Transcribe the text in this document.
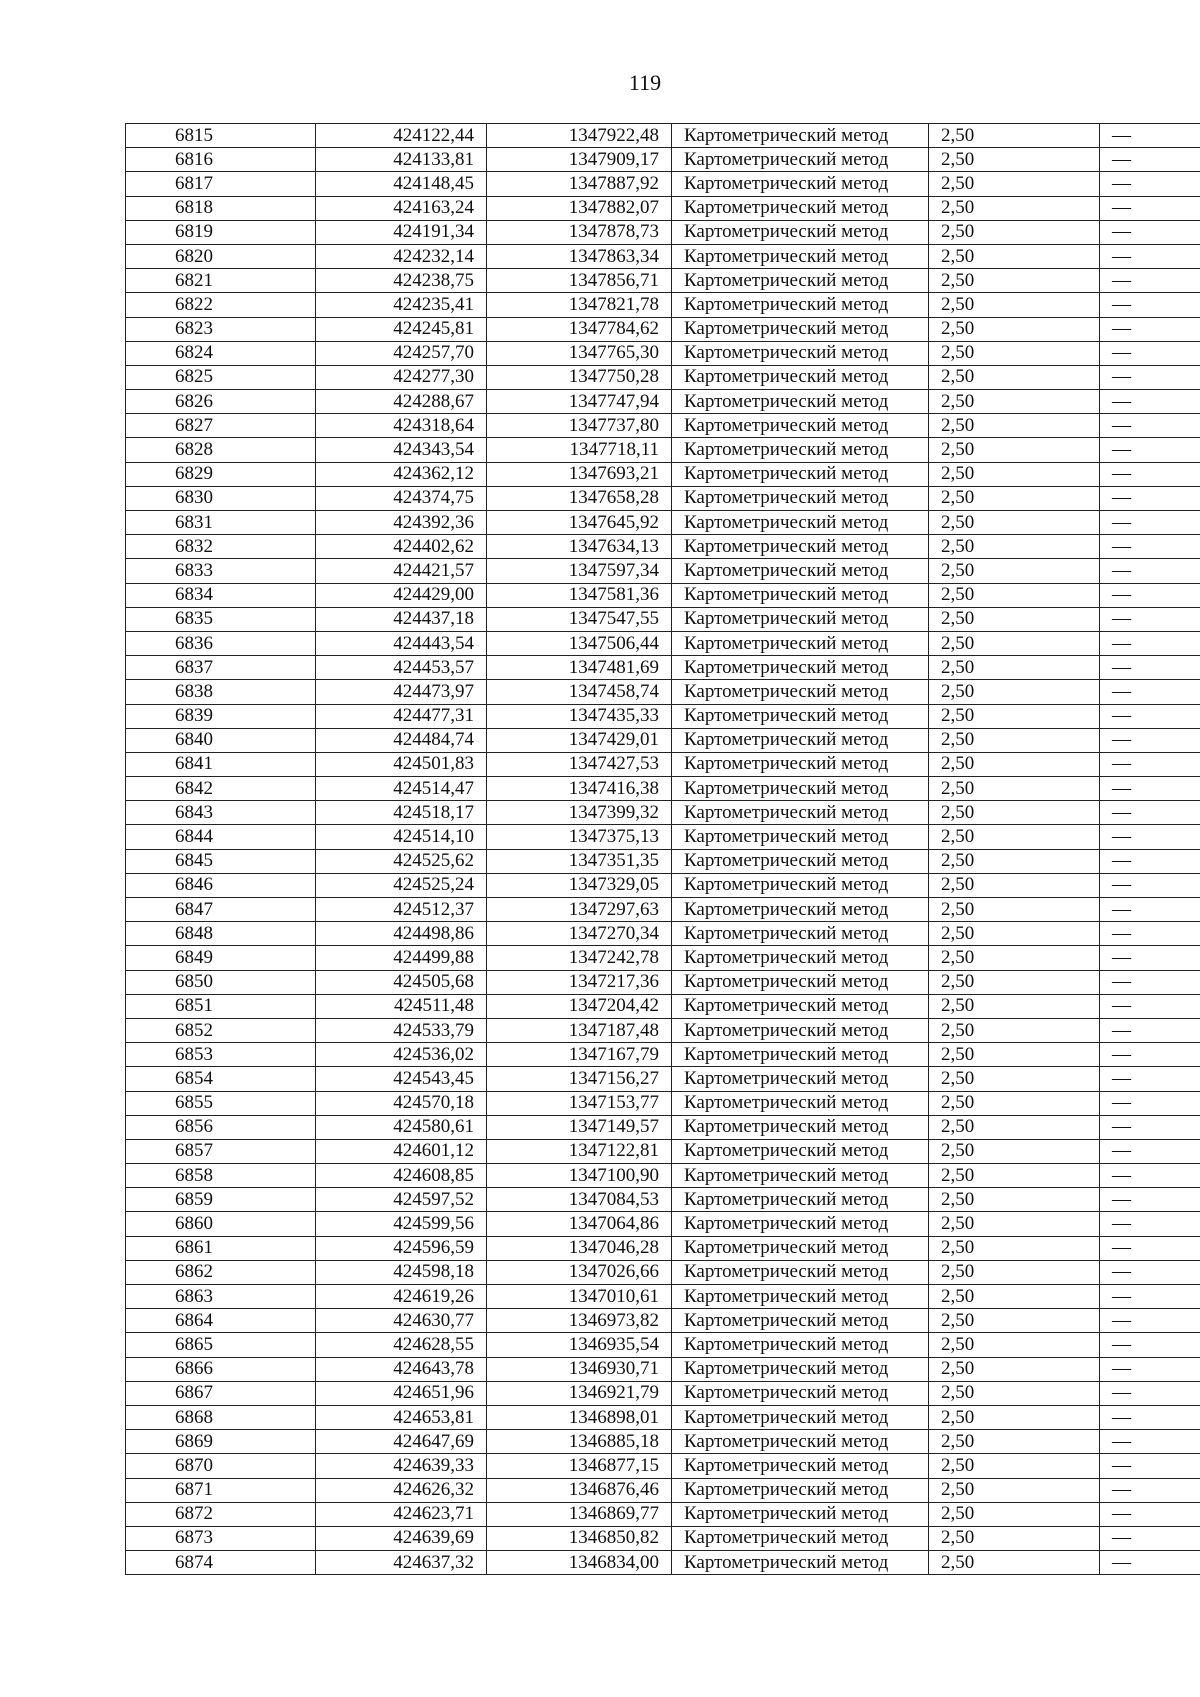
119
6815	424122,44	1347922,48	Картометрический метод	2,50	—
6816	424133,81	1347909,17	Картометрический метод	2,50	—
6817	424148,45	1347887,92	Картометрический метод	2,50	—
6818	424163,24	1347882,07	Картометрический метод	2,50	—
6819	424191,34	1347878,73	Картометрический метод	2,50	—
6820	424232,14	1347863,34	Картометрический метод	2,50	—
6821	424238,75	1347856,71	Картометрический метод	2,50	—
6822	424235,41	1347821,78	Картометрический метод	2,50	—
6823	424245,81	1347784,62	Картометрический метод	2,50	—
6824	424257,70	1347765,30	Картометрический метод	2,50	—
6825	424277,30	1347750,28	Картометрический метод	2,50	—
6826	424288,67	1347747,94	Картометрический метод	2,50	—
6827	424318,64	1347737,80	Картометрический метод	2,50	—
6828	424343,54	1347718,11	Картометрический метод	2,50	—
6829	424362,12	1347693,21	Картометрический метод	2,50	—
6830	424374,75	1347658,28	Картометрический метод	2,50	—
6831	424392,36	1347645,92	Картометрический метод	2,50	—
6832	424402,62	1347634,13	Картометрический метод	2,50	—
6833	424421,57	1347597,34	Картометрический метод	2,50	—
6834	424429,00	1347581,36	Картометрический метод	2,50	—
6835	424437,18	1347547,55	Картометрический метод	2,50	—
6836	424443,54	1347506,44	Картометрический метод	2,50	—
6837	424453,57	1347481,69	Картометрический метод	2,50	—
6838	424473,97	1347458,74	Картометрический метод	2,50	—
6839	424477,31	1347435,33	Картометрический метод	2,50	—
6840	424484,74	1347429,01	Картометрический метод	2,50	—
6841	424501,83	1347427,53	Картометрический метод	2,50	—
6842	424514,47	1347416,38	Картометрический метод	2,50	—
6843	424518,17	1347399,32	Картометрический метод	2,50	—
6844	424514,10	1347375,13	Картометрический метод	2,50	—
6845	424525,62	1347351,35	Картометрический метод	2,50	—
6846	424525,24	1347329,05	Картометрический метод	2,50	—
6847	424512,37	1347297,63	Картометрический метод	2,50	—
6848	424498,86	1347270,34	Картометрический метод	2,50	—
6849	424499,88	1347242,78	Картометрический метод	2,50	—
6850	424505,68	1347217,36	Картометрический метод	2,50	—
6851	424511,48	1347204,42	Картометрический метод	2,50	—
6852	424533,79	1347187,48	Картометрический метод	2,50	—
6853	424536,02	1347167,79	Картометрический метод	2,50	—
6854	424543,45	1347156,27	Картометрический метод	2,50	—
6855	424570,18	1347153,77	Картометрический метод	2,50	—
6856	424580,61	1347149,57	Картометрический метод	2,50	—
6857	424601,12	1347122,81	Картометрический метод	2,50	—
6858	424608,85	1347100,90	Картометрический метод	2,50	—
6859	424597,52	1347084,53	Картометрический метод	2,50	—
6860	424599,56	1347064,86	Картометрический метод	2,50	—
6861	424596,59	1347046,28	Картометрический метод	2,50	—
6862	424598,18	1347026,66	Картометрический метод	2,50	—
6863	424619,26	1347010,61	Картометрический метод	2,50	—
6864	424630,77	1346973,82	Картометрический метод	2,50	—
6865	424628,55	1346935,54	Картометрический метод	2,50	—
6866	424643,78	1346930,71	Картометрический метод	2,50	—
6867	424651,96	1346921,79	Картометрический метод	2,50	—
6868	424653,81	1346898,01	Картометрический метод	2,50	—
6869	424647,69	1346885,18	Картометрический метод	2,50	—
6870	424639,33	1346877,15	Картометрический метод	2,50	—
6871	424626,32	1346876,46	Картометрический метод	2,50	—
6872	424623,71	1346869,77	Картометрический метод	2,50	—
6873	424639,69	1346850,82	Картометрический метод	2,50	—
6874	424637,32	1346834,00	Картометрический метод	2,50	—
